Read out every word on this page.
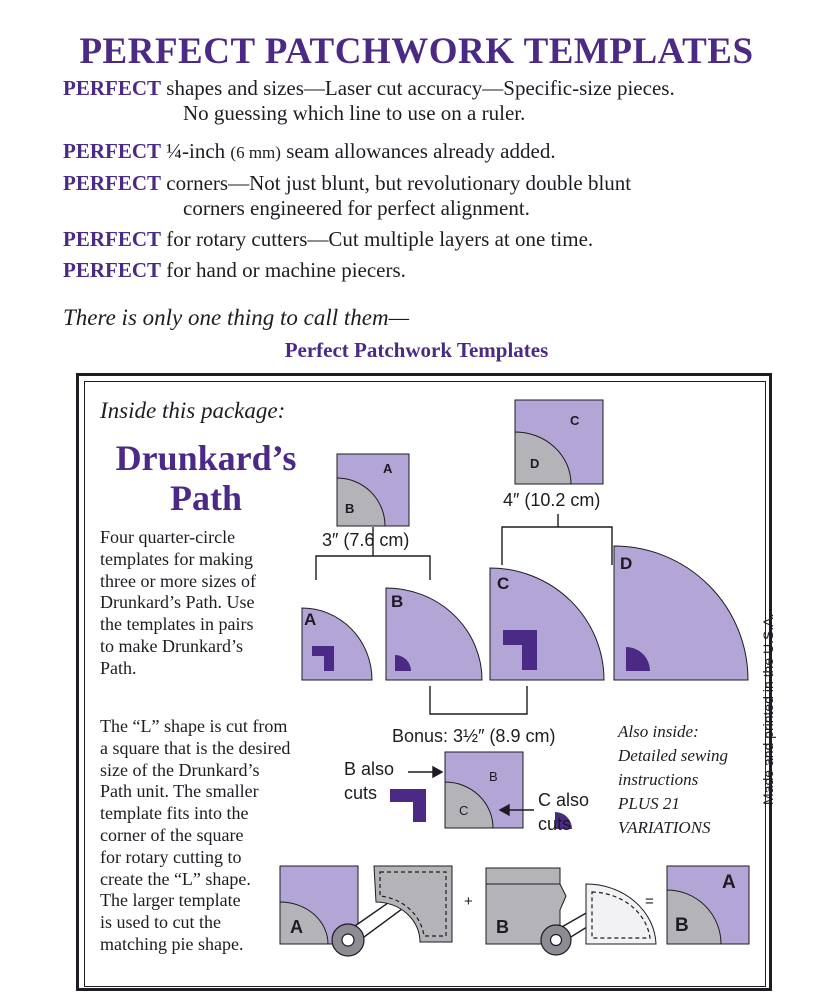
PERFECT PATCHWORK TEMPLATES
PERFECT shapes and sizes—Laser cut accuracy—Specific-size pieces.
No guessing which line to use on a ruler.
PERFECT ¼-inch (6 mm) seam allowances already added.
PERFECT corners—Not just blunt, but revolutionary double blunt
corners engineered for perfect alignment.
PERFECT for rotary cutters—Cut multiple layers at one time.
PERFECT for hand or machine piecers.
There is only one thing to call them—
Perfect Patchwork Templates
Inside this package:
Drunkard’s
Path
Four quarter-circle
templates for making
three or more sizes of
Drunkard’s Path. Use
the templates in pairs
to make Drunkard’s
Path.
The “L” shape is cut from
a square that is the desired
size of the Drunkard’s
Path unit. The smaller
template fits into the
corner of the square
for rotary cutting to
create the “L” shape.
The larger template
is used to cut the
matching pie shape.
A
B
C
D
3″ (7.6 cm)
4″ (10.2 cm)
A
B
C
D
Bonus: 3½″ (8.9 cm)
B also
cuts	C also
cuts
B
C
Also inside:
Detailed sewing
instructions
PLUS 21
VARIATIONS
Made and printed in the U.S.A.
A
+
B
=
A
B
